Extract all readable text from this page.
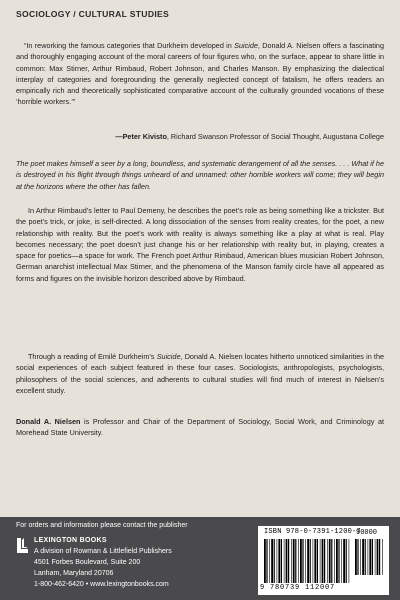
SOCIOLOGY / CULTURAL STUDIES

“In reworking the famous categories that Durkheim developed in Suicide, Donald A. Nielsen offers a fascinating and thoroughly engaging account of the moral careers of four figures who, on the surface, appear to share little in common: Max Stirner, Arthur Rimbaud, Robert Johnson, and Charles Manson. By emphasizing the dialectical interplay of categories and foregrounding the generally neglected concept of fatalism, he offers readers an empirically rich and theoretically sophisticated comparative account of the culturally grounded vocations of these ‘horrible workers.’”

—Peter Kivisto, Richard Swanson Professor of Social Thought, Augustana College

The poet makes himself a seer by a long, boundless, and systematic derangement of all the senses. . . . What if he is destroyed in his flight through things unheard of and unnamed: other horrible workers will come; they will begin at the horizons where the other has fallen.

In Arthur Rimbaud’s letter to Paul Demeny, he describes the poet’s role as being something like a trickster. But the poet’s trick, or joke, is self-directed. A long dissociation of the senses from reality creates, for the poet, a new relationship with reality. But the poet’s work with reality is always something like a play at what is real. Play becomes necessary; the poet doesn’t just change his or her relationship with reality but, in playing, creates a space for poetics—a space for work. The French poet Arthur Rimbaud, American blues musician Robert Johnson, German anarchist intellectual Max Stirner, and the phenomena of the Manson family circle have all appeared as forms and figures on the invisible horizon described above by Rimbaud.

Through a reading of Emilé Durkheim’s Suicide, Donald A. Nielsen locates hitherto unnoticed similarities in the social experiences of each subject featured in these four cases. Sociologists, anthropologists, psychologists, philosophers of the social sciences, and adherents to cultural studies will find much of interest in Nielsen’s excellent study.

Donald A. Nielsen is Professor and Chair of the Department of Sociology, Social Work, and Criminology at Morehead State University.

For orders and information please contact the publisher
LEXINGTON BOOKS
A division of Rowman & Littlefield Publishers
4501 Forbes Boulevard, Suite 200
Lanham, Maryland 20706
1-800-462-6420 • www.lexingtonbooks.com
ISBN 978-0-7391-1200-7
90000
9 780739 112007
